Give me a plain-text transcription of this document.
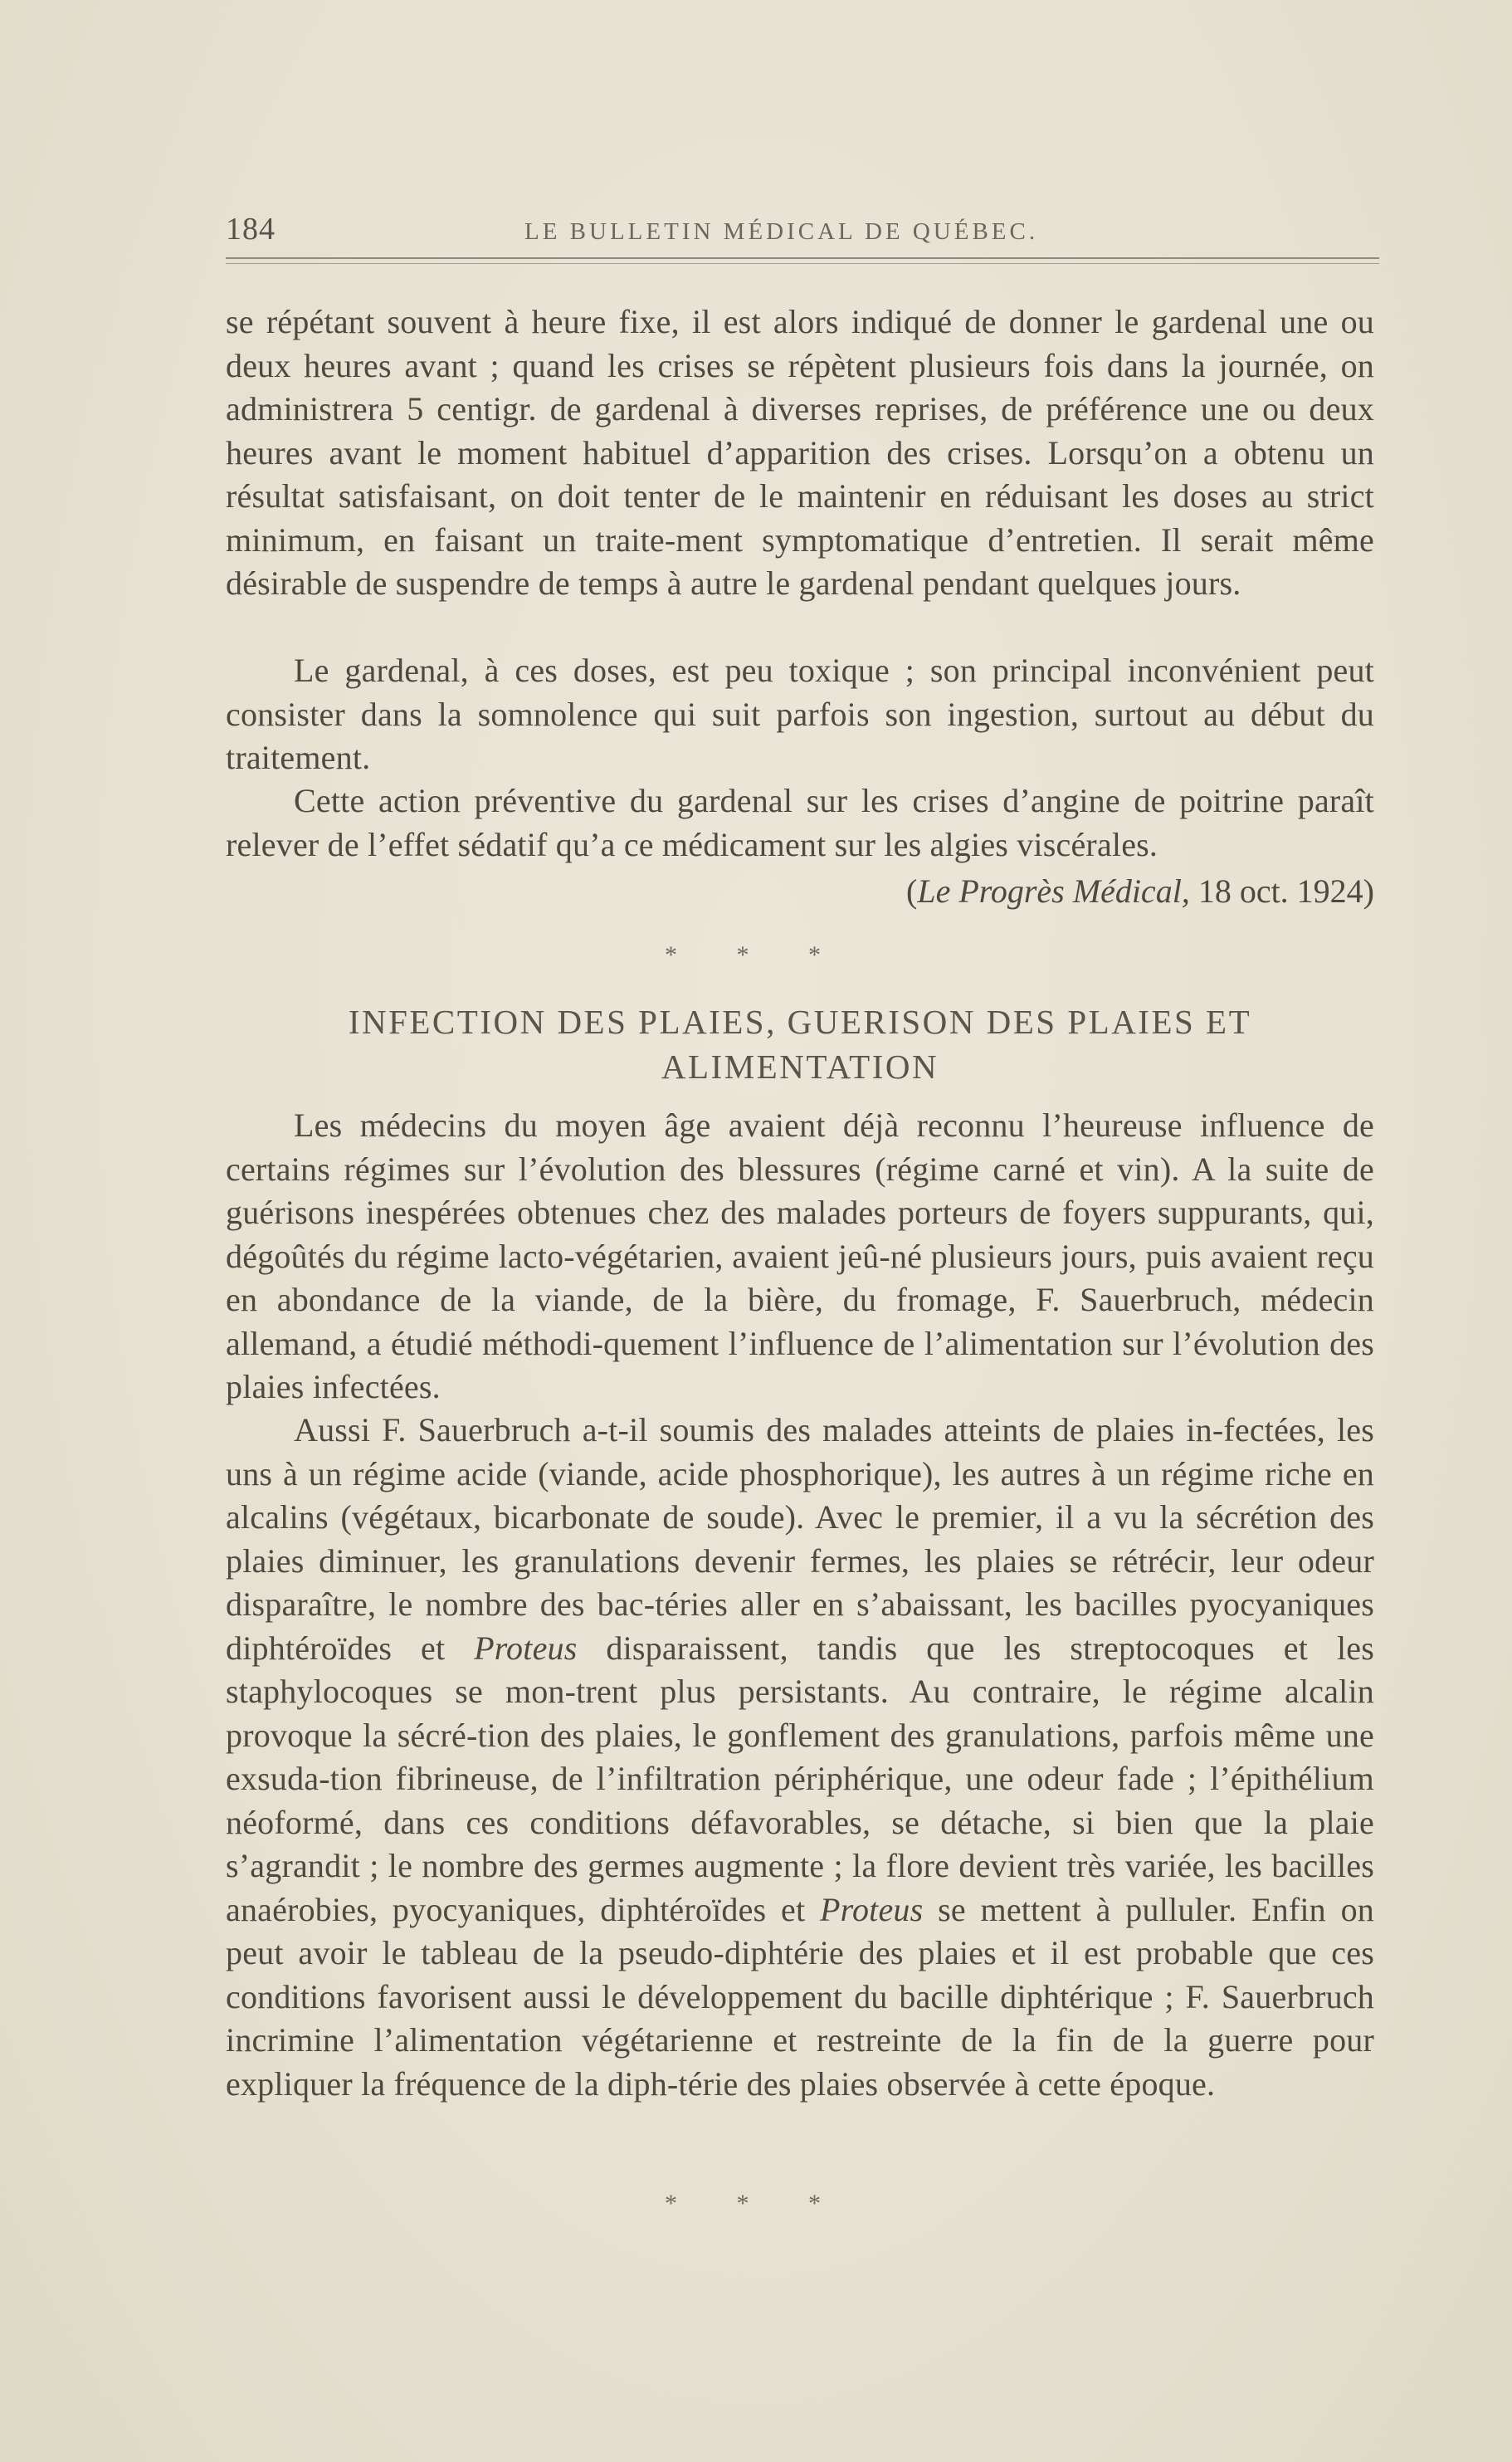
184	LE BULLETIN MÉDICAL DE QUÉBEC.

se répétant souvent à heure fixe, il est alors indiqué de donner le gardenal une ou deux heures avant ; quand les crises se répètent plusieurs fois dans la journée, on administrera 5 centigr. de gardenal à diverses reprises, de préférence une ou deux heures avant le moment habituel d’apparition des crises. Lorsqu’on a obtenu un résultat satisfaisant, on doit tenter de le maintenir en réduisant les doses au strict minimum, en faisant un traite-ment symptomatique d’entretien. Il serait même désirable de suspendre de temps à autre le gardenal pendant quelques jours.

Le gardenal, à ces doses, est peu toxique ; son principal inconvénient peut consister dans la somnolence qui suit parfois son ingestion, surtout au début du traitement.

Cette action préventive du gardenal sur les crises d’angine de poitrine paraît relever de l’effet sédatif qu’a ce médicament sur les algies viscérales.

(Le Progrès Médical, 18 oct. 1924)
* * *
INFECTION DES PLAIES, GUERISON DES PLAIES ET ALIMENTATION

Les médecins du moyen âge avaient déjà reconnu l’heureuse influence de certains régimes sur l’évolution des blessures (régime carné et vin). A la suite de guérisons inespérées obtenues chez des malades porteurs de foyers suppurants, qui, dégoûtés du régime lacto-végétarien, avaient jeû-né plusieurs jours, puis avaient reçu en abondance de la viande, de la bière, du fromage, F. Sauerbruch, médecin allemand, a étudié méthodi-quement l’influence de l’alimentation sur l’évolution des plaies infectées.

Aussi F. Sauerbruch a-t-il soumis des malades atteints de plaies in-fectées, les uns à un régime acide (viande, acide phosphorique), les autres à un régime riche en alcalins (végétaux, bicarbonate de soude). Avec le premier, il a vu la sécrétion des plaies diminuer, les granulations devenir fermes, les plaies se rétrécir, leur odeur disparaître, le nombre des bac-téries aller en s’abaissant, les bacilles pyocyaniques diphtéroïdes et Proteus disparaissent, tandis que les streptocoques et les staphylocoques se mon-trent plus persistants. Au contraire, le régime alcalin provoque la sécré-tion des plaies, le gonflement des granulations, parfois même une exsuda-tion fibrineuse, de l’infiltration périphérique, une odeur fade ; l’épithélium néoformé, dans ces conditions défavorables, se détache, si bien que la plaie s’agrandit ; le nombre des germes augmente ; la flore devient très variée, les bacilles anaérobies, pyocyaniques, diphtéroïdes et Proteus se mettent à pulluler. Enfin on peut avoir le tableau de la pseudo-diphtérie des plaies et il est probable que ces conditions favorisent aussi le développement du bacille diphtérique ; F. Sauerbruch incrimine l’alimentation végétarienne et restreinte de la fin de la guerre pour expliquer la fréquence de la diph-térie des plaies observée à cette époque.

* * *
